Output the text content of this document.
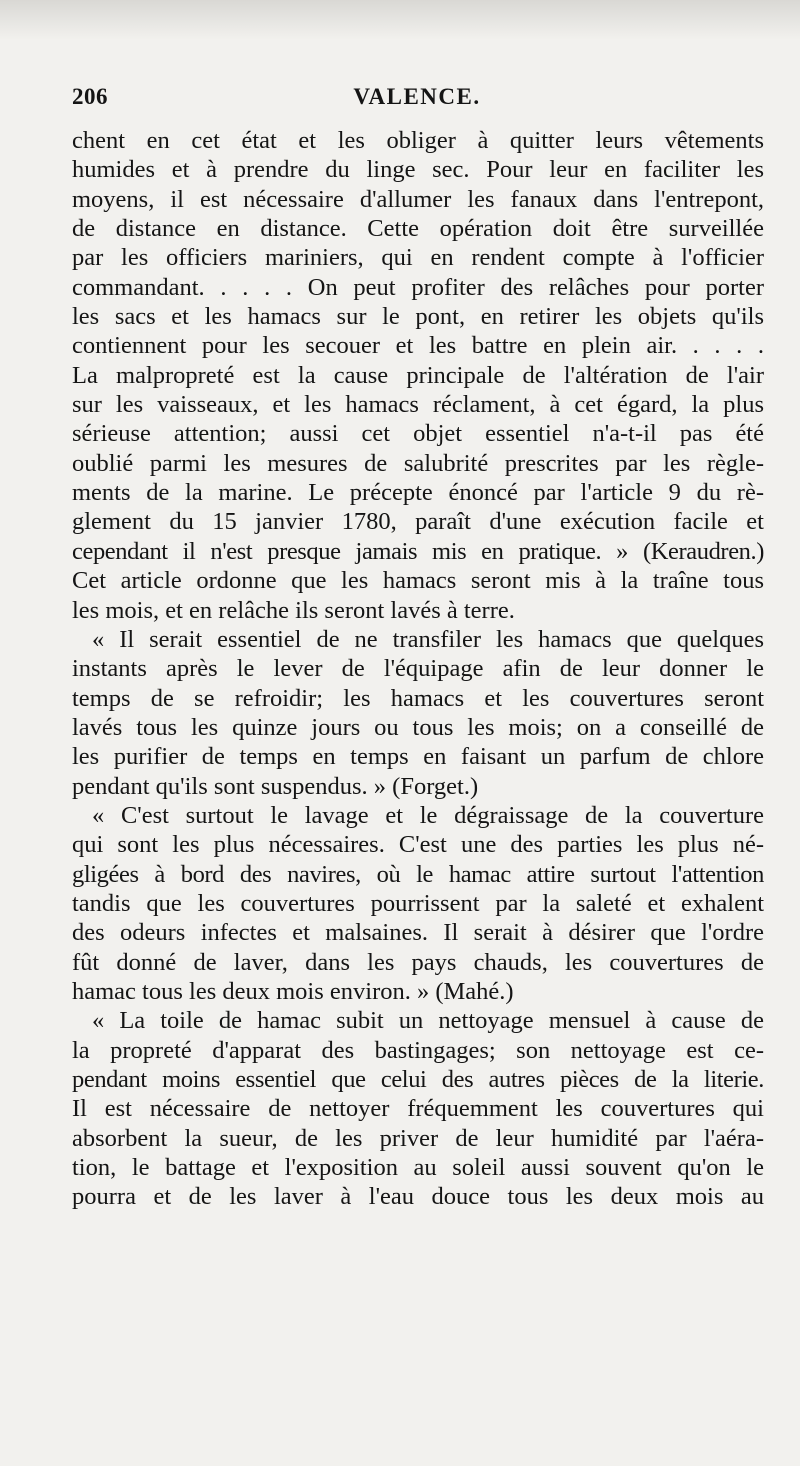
206	VALENCE.
chent en cet état et les obliger à quitter leurs vêtements
humides et à prendre du linge sec. Pour leur en faciliter les
moyens, il est nécessaire d'allumer les fanaux dans l'entrepont,
de distance en distance. Cette opération doit être surveillée
par les officiers mariniers, qui en rendent compte à l'officier
commandant. . . . . On peut profiter des relâches pour porter
les sacs et les hamacs sur le pont, en retirer les objets qu'ils
contiennent pour les secouer et les battre en plein air. . . . .
La malpropreté est la cause principale de l'altération de l'air
sur les vaisseaux, et les hamacs réclament, à cet égard, la plus
sérieuse attention; aussi cet objet essentiel n'a-t-il pas été
oublié parmi les mesures de salubrité prescrites par les règle-
ments de la marine. Le précepte énoncé par l'article 9 du rè-
glement du 15 janvier 1780, paraît d'une exécution facile et
cependant il n'est presque jamais mis en pratique. » (Keraudren.)
Cet article ordonne que les hamacs seront mis à la traîne tous
les mois, et en relâche ils seront lavés à terre.
« Il serait essentiel de ne transfiler les hamacs que quelques
instants après le lever de l'équipage afin de leur donner le
temps de se refroidir; les hamacs et les couvertures seront
lavés tous les quinze jours ou tous les mois; on a conseillé de
les purifier de temps en temps en faisant un parfum de chlore
pendant qu'ils sont suspendus. » (Forget.)
« C'est surtout le lavage et le dégraissage de la couverture
qui sont les plus nécessaires. C'est une des parties les plus né-
gligées à bord des navires, où le hamac attire surtout l'attention
tandis que les couvertures pourrissent par la saleté et exhalent
des odeurs infectes et malsaines. Il serait à désirer que l'ordre
fût donné de laver, dans les pays chauds, les couvertures de
hamac tous les deux mois environ. » (Mahé.)
« La toile de hamac subit un nettoyage mensuel à cause de
la propreté d'apparat des bastingages; son nettoyage est ce-
pendant moins essentiel que celui des autres pièces de la literie.
Il est nécessaire de nettoyer fréquemment les couvertures qui
absorbent la sueur, de les priver de leur humidité par l'aéra-
tion, le battage et l'exposition au soleil aussi souvent qu'on le
pourra et de les laver à l'eau douce tous les deux mois au
